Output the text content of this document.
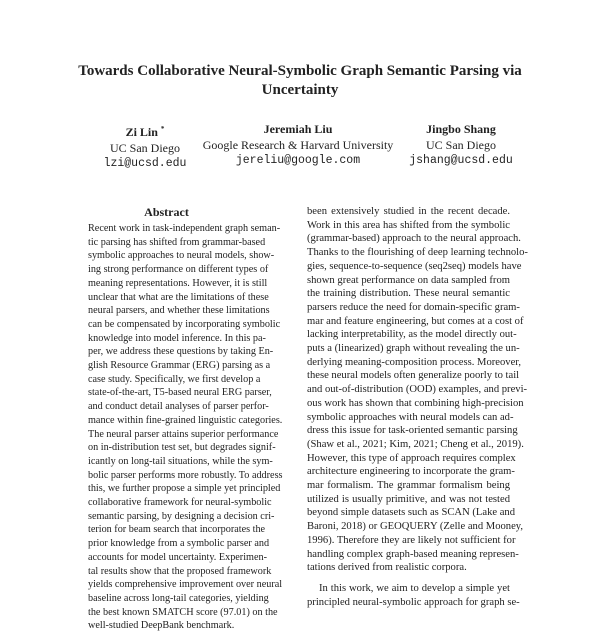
Towards Collaborative Neural-Symbolic Graph Semantic Parsing via
Uncertainty
Zi Lin *
UC San Diego
lzi@ucsd.edu
Jeremiah Liu
Google Research & Harvard University
jereliu@google.com
Jingbo Shang
UC San Diego
jshang@ucsd.edu
Abstract
Recent work in task-independent graph seman-
tic parsing has shifted from grammar-based
symbolic approaches to neural models, show-
ing strong performance on different types of
meaning representations. However, it is still
unclear that what are the limitations of these
neural parsers, and whether these limitations
can be compensated by incorporating symbolic
knowledge into model inference. In this pa-
per, we address these questions by taking En-
glish Resource Grammar (ERG) parsing as a
case study. Specifically, we first develop a
state-of-the-art, T5-based neural ERG parser,
and conduct detail analyses of parser perfor-
mance within fine-grained linguistic categories.
The neural parser attains superior performance
on in-distribution test set, but degrades signif-
icantly on long-tail situations, while the sym-
bolic parser performs more robustly. To address
this, we further propose a simple yet principled
collaborative framework for neural-symbolic
semantic parsing, by designing a decision cri-
terion for beam search that incorporates the
prior knowledge from a symbolic parser and
accounts for model uncertainty. Experimen-
tal results show that the proposed framework
yields comprehensive improvement over neural
baseline across long-tail categories, yielding
the best known SMATCH score (97.01) on the
well-studied DeepBank benchmark.
been extensively studied in the recent decade.
Work in this area has shifted from the symbolic
(grammar-based) approach to the neural approach.
Thanks to the flourishing of deep learning technolo-
gies, sequence-to-sequence (seq2seq) models have
shown great performance on data sampled from
the training distribution. These neural semantic
parsers reduce the need for domain-specific gram-
mar and feature engineering, but comes at a cost of
lacking interpretability, as the model directly out-
puts a (linearized) graph without revealing the un-
derlying meaning-composition process. Moreover,
these neural models often generalize poorly to tail
and out-of-distribution (OOD) examples, and previ-
ous work has shown that combining high-precision
symbolic approaches with neural models can ad-
dress this issue for task-oriented semantic parsing
(Shaw et al., 2021; Kim, 2021; Cheng et al., 2019).
However, this type of approach requires complex
architecture engineering to incorporate the gram-
mar formalism. The grammar formalism being
utilized is usually primitive, and was not tested
beyond simple datasets such as SCAN (Lake and
Baroni, 2018) or GEOQUERY (Zelle and Mooney,
1996). Therefore they are likely not sufficient for
handling complex graph-based meaning represen-
tations derived from realistic corpora.
In this work, we aim to develop a simple yet
principled neural-symbolic approach for graph se-
